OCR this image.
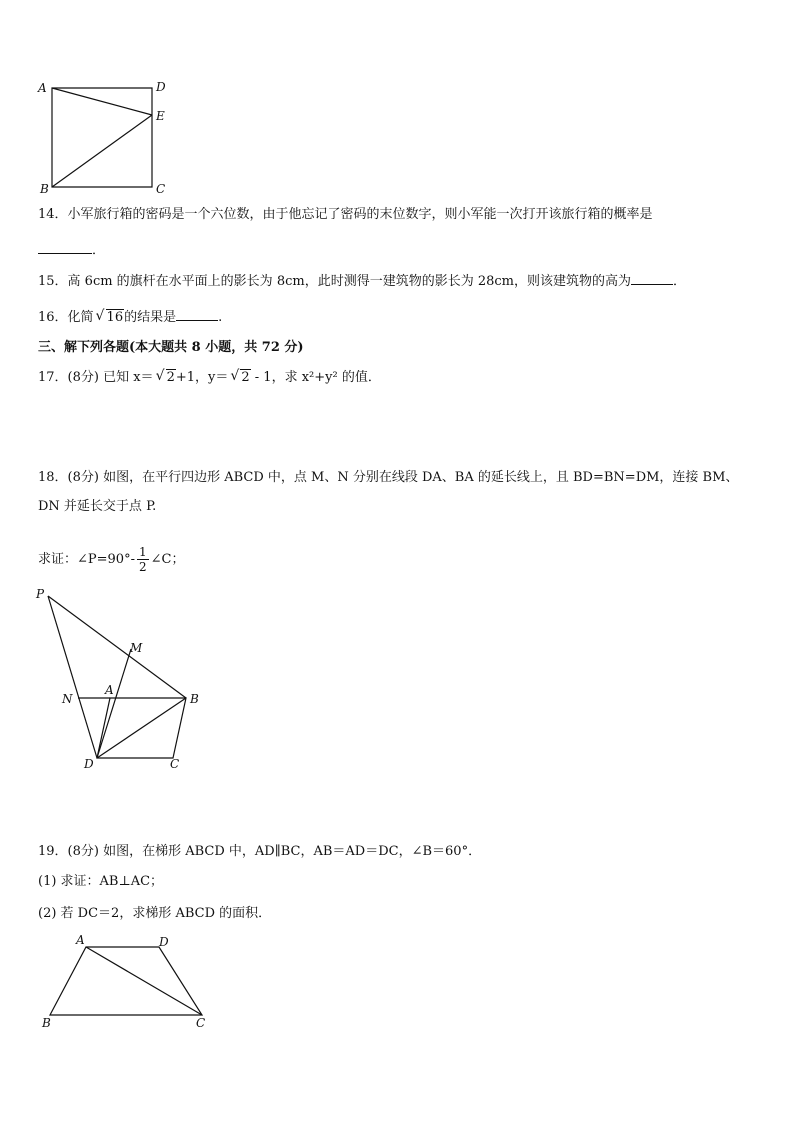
A	D
E
B	C
14．小军旅行箱的密码是一个六位数，由于他忘记了密码的末位数字，则小军能一次打开该旅行箱的概率是
．
15．高 6cm 的旗杆在水平面上的影长为 8cm，此时测得一建筑物的影长为 28cm，则该建筑物的高为	．
16．化简 √ 16的结果是	.
三、解下列各题(本大题共 8 小题，共 72 分)
17．(8分) 已知 x＝ √ 2+1，y＝ √ 2 - 1，求 x²+y² 的值．
18．(8分) 如图，在平行四边形 ABCD 中，点 M、N 分别在线段 DA、BA 的延长线上，且 BD=BN=DM，连接 BM、
DN 并延长交于点 P.
求证：∠P=90°- $\frac{1}{2}$ ∠C；
P
M
A
N	B
D	C
19．(8分) 如图，在梯形 ABCD 中，AD∥BC，AB＝AD＝DC，∠B＝60°．
(1) 求证：AB⊥AC；
(2) 若 DC＝2，求梯形 ABCD 的面积．
A	D
B	C
